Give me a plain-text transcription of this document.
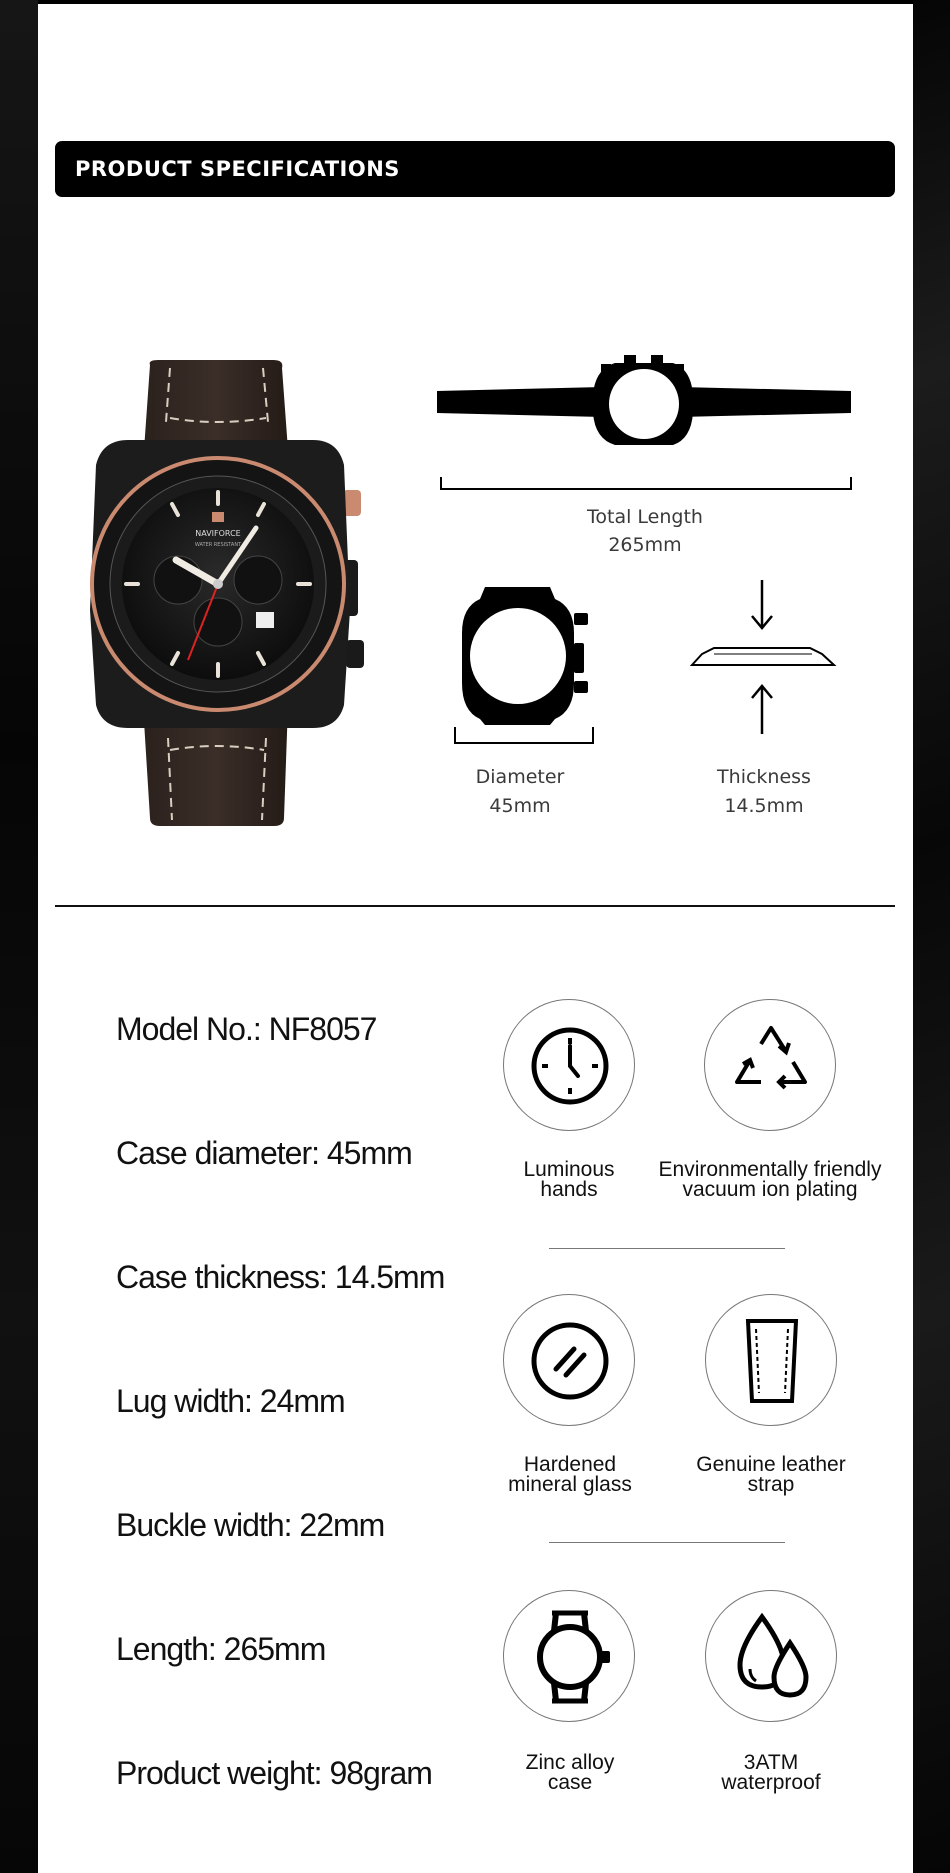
PRODUCT SPECIFICATIONS
NAVIFORCE
WATER RESISTANT
Total Length
265mm
Diameter
45mm
Thickness
14.5mm
Model No.: NF8057
Case diameter: 45mm
Case thickness: 14.5mm
Lug width: 24mm
Buckle width: 22mm
Length: 265mm
Product weight: 98gram
Luminous
hands
Environmentally friendly
vacuum ion plating
Hardened
mineral glass
Genuine leather
strap
Zinc alloy
case
3ATM
waterproof
